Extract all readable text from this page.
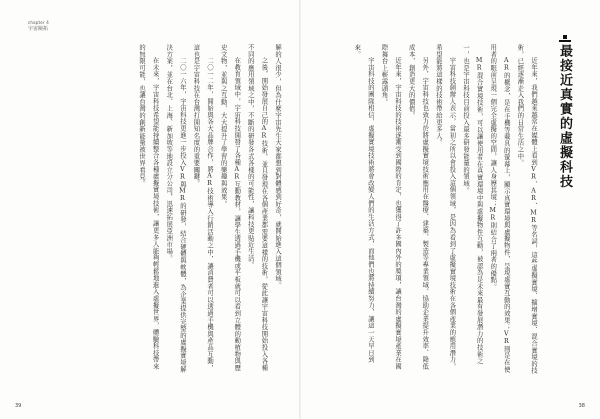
chapter 4
宇宙險拓

解的人很少，但為什麼宇宙先生大家都想到對體感到好奇，就開始進入這個領域。

之後，開始發展自己的AR技術，並且發現在各個產業都需要這樣的技術，從此讓宇宙科技開始投入各種不同的應用領域之中，不斷的研發各式各樣的可能性，讓科技更貼近生活。

在教育領域中，宇宙科技開發了各種AR互動教材，讓學生透過手機或平板就可以看到立體的動植物與歷史文物，並與之互動，大大提升了學習的樂趣與效果。

二〇一二年，開始與各大品牌合作，將AR技術導入行銷活動之中，讓消費者可以透過手機與產品互動，這也是宇宙科技在台灣打開知名度的重要關鍵。

二〇一六年，宇宙科技更進一步投入VR與MR的研發，結合硬體與軟體，為企業提供完整的虛擬實境解決方案，並在台北、上海、新加坡等地設立分公司，迅速拓展亞洲市場。

在未來，宇宙科技希望能持續整合各種虛擬實境技術，讓更多人能夠輕鬆地進入虛擬世界，體驗科技帶來的無限可能，也讓台灣的創新能量被世界看見。	最接近真實的虛擬科技

近年來，我們越來越常在媒體上看到VR、AR、MR等名詞，這些虛擬實境、擴增實境、混合實境的技術，已經逐漸走入我們的日常生活之中。

AR的概念，是在手機等載具的螢幕上，顯示真實環境與虛擬物件，呈現虛實互動的效果；VR則是在使用者的眼前呈現一個完全虛擬的空間，讓人身歷其境；MR則結合了兩者的優點。

MR混合實境技術，可以讓使用者在真實環境中與虛擬物件互動，被認為是未來最有發展潛力的技術之一，也是宇宙科技目前投入最多研發能量的領域。

宇宙科技創辦人表示，當初之所以會投入這個領域，是因為看到了虛擬實境技術在各個產業的應用潛力，希望能將這樣的技術帶給更多人。

另外，宇宙科技也致力於將虛擬實境技術應用在醫療、建築、製造等專業領域，協助企業提升效率、降低成本，創造更大的價值。

近年來，宇宙科技的技術逐漸受到國際的肯定，也獲得了許多國內外的獎項，讓台灣的虛擬實境產業在國際舞台上嶄露頭角。

宇宙科技的團隊相信，虛擬實境技術將會改變人們的生活方式，而他們也將持續努力，讓這一天早日到來。

39	38
